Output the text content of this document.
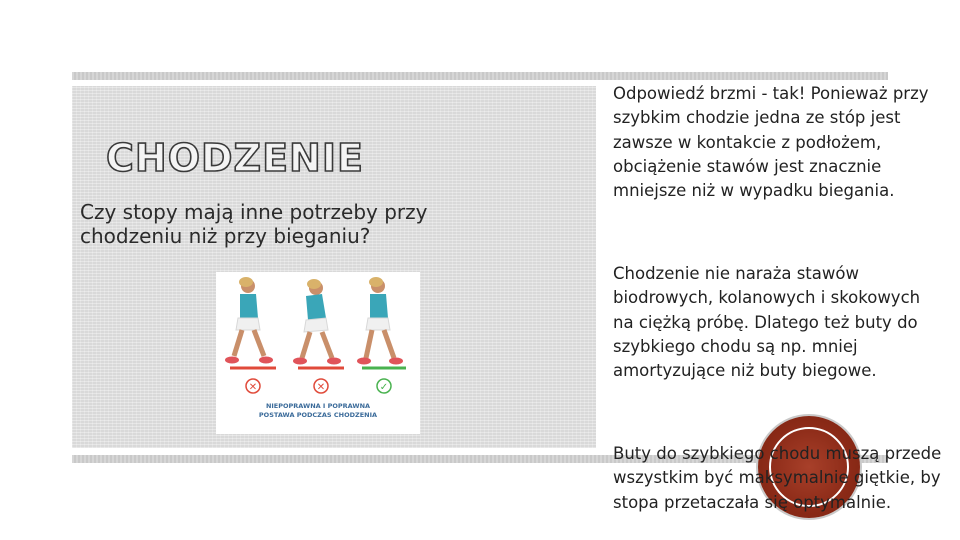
CHODZENIE

Czy stopy mają inne potrzeby przy chodzeniu niż przy bieganiu?

✕	✕	✓
NIEPOPRAWNA I POPRAWNA
POSTAWA PODCZAS CHODZENIA

Odpowiedź brzmi - tak! Ponieważ przy szybkim chodzie jedna ze stóp jest zawsze w kontakcie z podłożem, obciążenie stawów jest znacznie mniejsze niż w wypadku biegania.

Chodzenie nie naraża stawów biodrowych, kolanowych i skokowych na ciężką próbę. Dlatego też buty do szybkiego chodu są np. mniej amortyzujące niż buty biegowe.

Buty do szybkiego chodu muszą przede wszystkim być maksymalnie giętkie, by stopa przetaczała się optymalnie.
